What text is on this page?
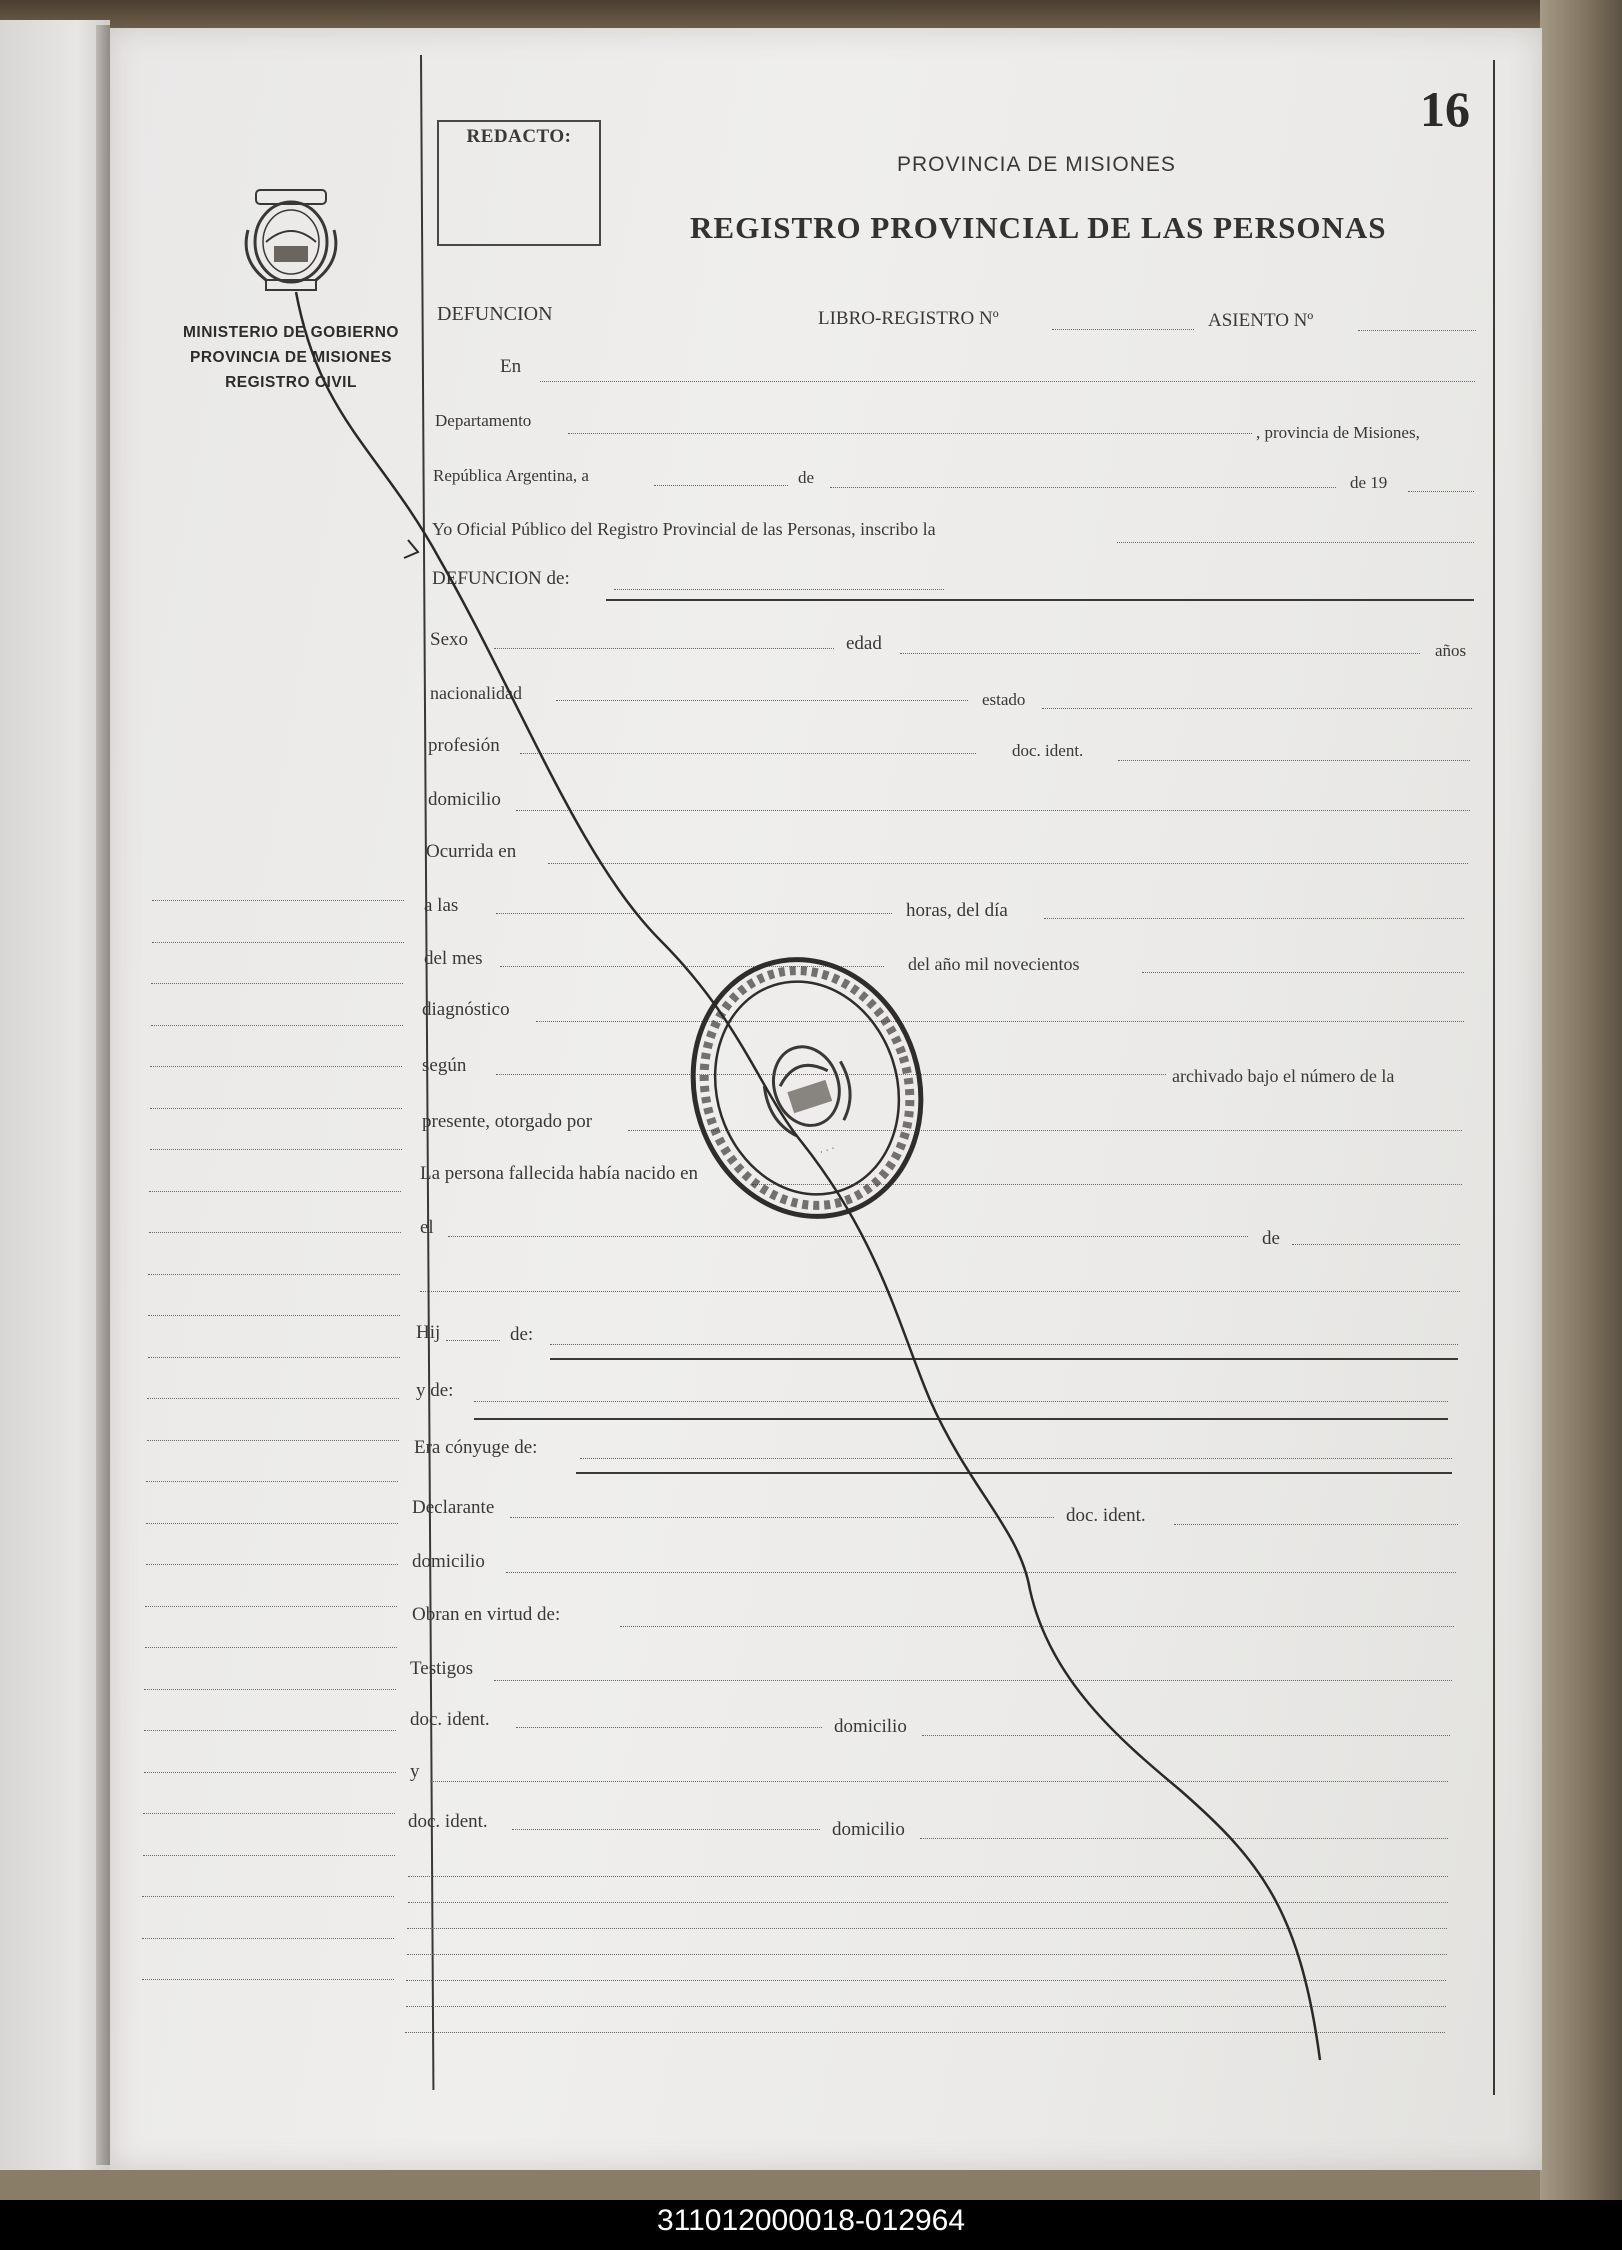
16
REDACTO:
PROVINCIA DE MISIONES
REGISTRO PROVINCIAL DE LAS PERSONAS
MINISTERIO DE GOBIERNO
PROVINCIA DE MISIONES
REGISTRO CIVIL
DEFUNCION	LIBRO-REGISTRO Nº	ASIENTO Nº
En
Departamento
, provincia de Misiones,
República Argentina, a	de	de 19
Yo Oficial Público del Registro Provincial de las Personas, inscribo la
DEFUNCION de:
Sexo	edad	años
nacionalidad	estado
profesión	doc. ident.
domicilio
Ocurrida en
a las	horas, del día
del mes	del año mil novecientos
diagnóstico
según	archivado bajo el número de la
presente, otorgado por
La persona fallecida había nacido en
el
de
Hij	de:
y de:
Era cónyuge de:
Declarante	doc. ident.
domicilio
Obran en virtud de:
Testigos
doc. ident.	domicilio
y
doc. ident.	domicilio
· · ·
311012000018-012964
